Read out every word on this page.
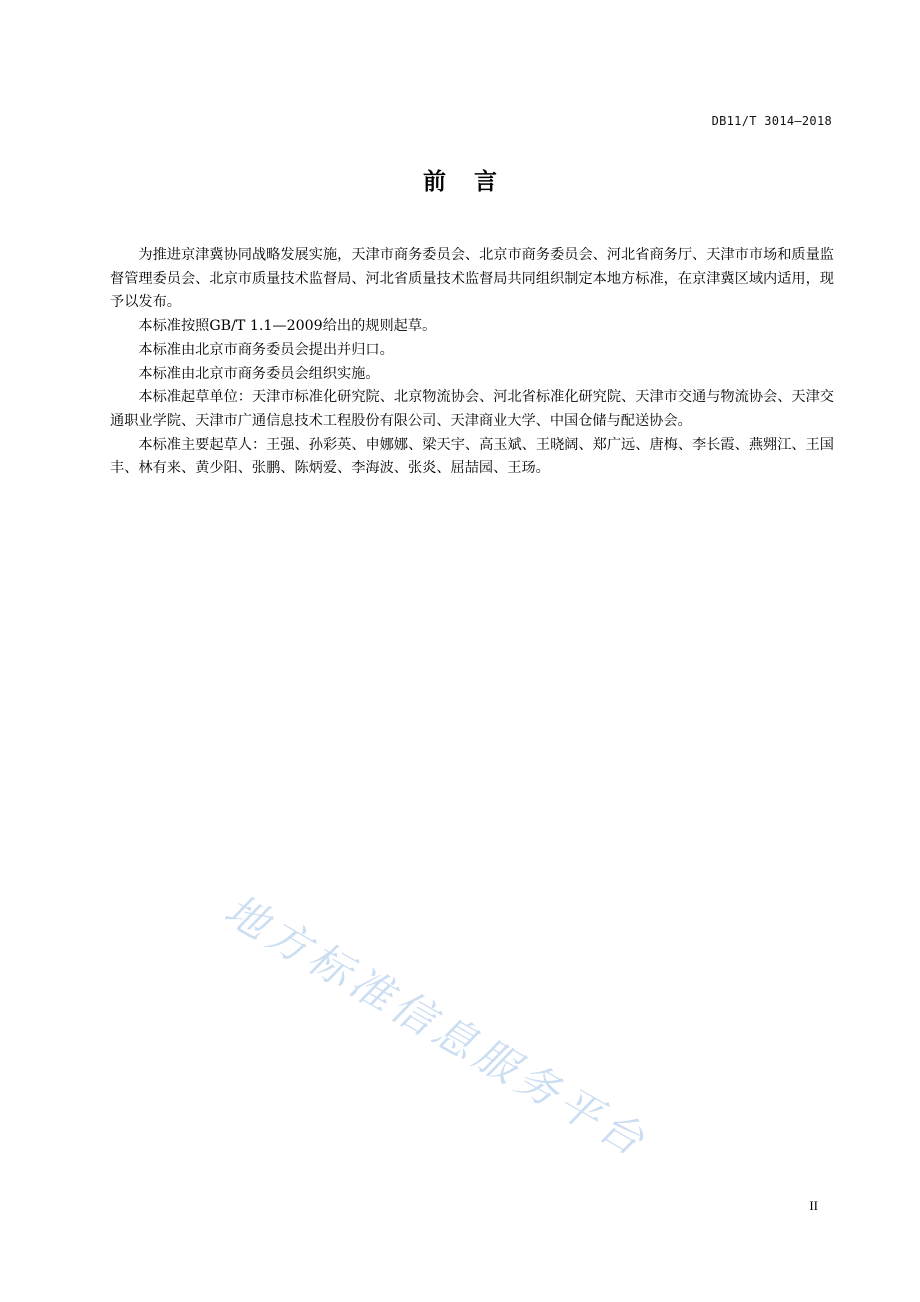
DB11/T 3014—2018
前言

为推进京津冀协同战略发展实施，天津市商务委员会、北京市商务委员会、河北省商务厅、天津市市场和质量监督管理委员会、北京市质量技术监督局、河北省质量技术监督局共同组织制定本地方标准，在京津冀区域内适用，现予以发布。

本标准按照GB/T 1.1—2009给出的规则起草。

本标准由北京市商务委员会提出并归口。

本标准由北京市商务委员会组织实施。

本标准起草单位：天津市标准化研究院、北京物流协会、河北省标准化研究院、天津市交通与物流协会、天津交通职业学院、天津市广通信息技术工程股份有限公司、天津商业大学、中国仓储与配送协会。

本标准主要起草人：王强、孙彩英、申娜娜、梁天宇、高玉斌、王晓阔、郑广远、唐梅、李长霞、燕翙江、王国丰、林有来、黄少阳、张鹏、陈炳爱、李海波、张炎、屈喆园、王玚。

地方标准信息服务平台
II
